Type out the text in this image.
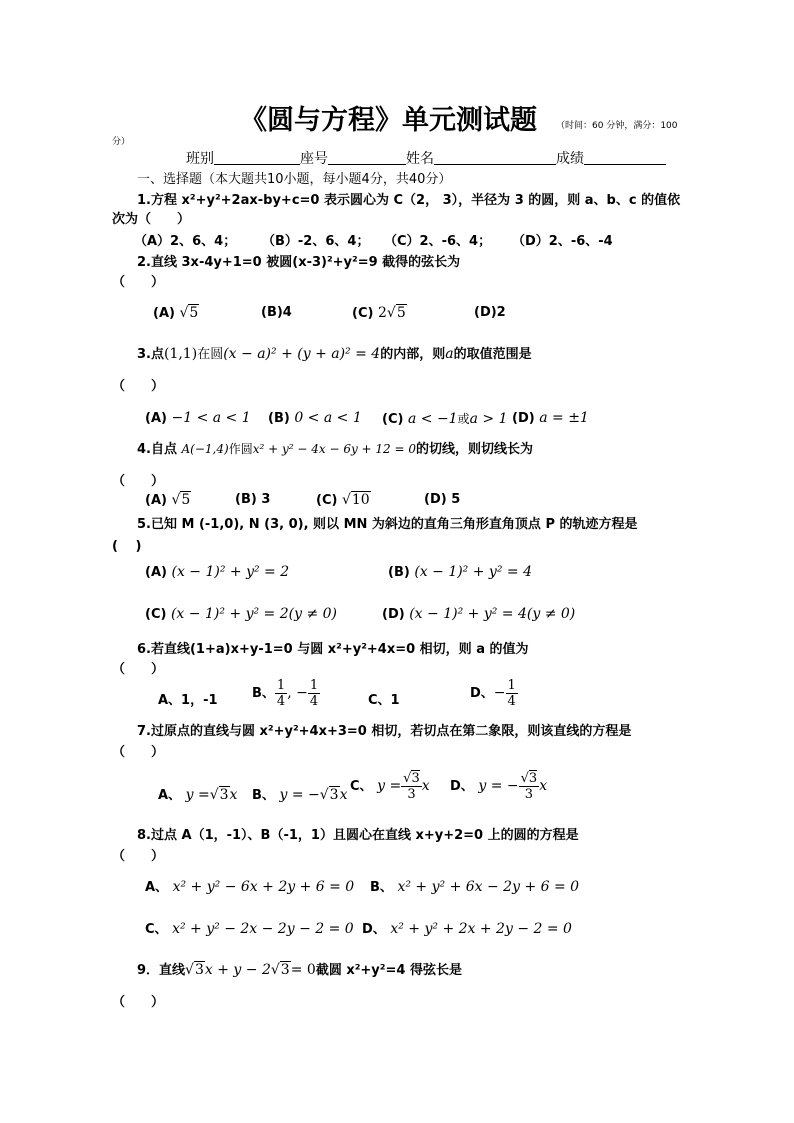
《圆与方程》单元测试题 （时间：60 分钟，满分：100
分）
班别	座号	姓名	成绩
一、选择题（本大题共10小题，每小题4分，共40分）
1.方程 x²+y²+2ax-by+c=0 表示圆心为 C（2， 3），半径为 3 的圆，则 a、b、c 的值依
次为（　　）
（A）2、6、4； （B）-2、6、4； （C）2、-6、4； （D）2、-6、-4
2.直线 3x-4y+1=0 被圆(x-3)²+y²=9 截得的弦长为
（　　）
(A) √5	(B)4	(C) 2√5	(D)2
3.点(1,1)在圆(x − a)² + (y + a)² = 4的内部，则a的取值范围是
（　　）
(A) −1 < a < 1 (B) 0 < a < 1 (C) a < −1或a > 1 (D) a = ±1
4.自点 A(−1,4)作圆x² + y² − 4x − 6y + 12 = 0的切线，则切线长为
（　　）
(A) √5	(B) 3	(C) √10	(D) 5
5.已知 M (-1,0), N (3, 0), 则以 MN 为斜边的直角三角形直角顶点 P 的轨迹方程是
(　 )
(A) (x − 1)² + y² = 2	(B) (x − 1)² + y² = 4
(C) (x − 1)² + y² = 2(y ≠ 0)	(D) (x − 1)² + y² = 4(y ≠ 0)
6.若直线(1+a)x+y-1=0 与圆 x²+y²+4x=0 相切，则 a 的值为
（　　）
A、1，-1	B、 $\frac{1}{4}$ , − $\frac{1}{4}$	C、1	D、− $\frac{1}{4}$
7.过原点的直线与圆 x²+y²+4x+3=0 相切，若切点在第二象限，则该直线的方程是
（　　）
A、 y =√3x B、 y = −√3x
C、 $y = \frac{√3}{3}$ x D、 y = − $\frac{√3}{3}$ x
8.过点 A（1，-1）、B（-1，1）且圆心在直线 x+y+2=0 上的圆的方程是
（　　）
A、 x² + y² − 6x + 2y + 6 = 0 B、 x² + y² + 6x − 2y + 6 = 0
C、 x² + y² − 2x − 2y − 2 = 0 D、 x² + y² + 2x + 2y − 2 = 0
9．直线√3x + y − 2√3= 0截圆 x²+y²=4 得弦长是
（　　）
